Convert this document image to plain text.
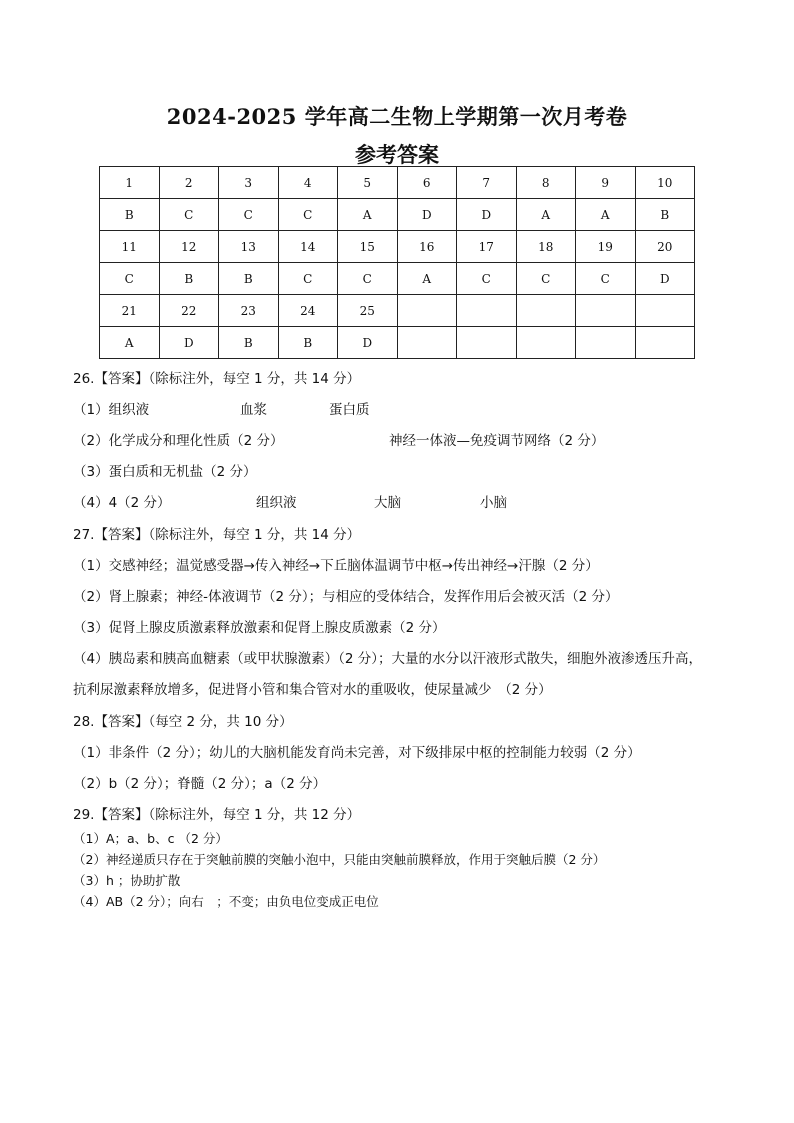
2024-2025 学年高二生物上学期第一次月考卷
参考答案
1	2	3	4	5	6	7	8	9	10
B	C	C	C	A	D	D	A	A	B
11	12	13	14	15	16	17	18	19	20
C	B	B	C	C	A	C	C	C	D
21	22	23	24	25					
A	D	B	B	D					
26.【答案】（除标注外，每空 1 分，共 14 分）
（1）组织液	血浆	蛋白质
（2）化学成分和理化性质（2 分）	神经一体液—免疫调节网络（2 分）
（3）蛋白质和无机盐（2 分）
（4）4（2 分）	组织液	大脑	小脑
27.【答案】（除标注外，每空 1 分，共 14 分）
（1）交感神经；温觉感受器→传入神经→下丘脑体温调节中枢→传出神经→汗腺（2 分）
（2）肾上腺素；神经-体液调节（2 分）；与相应的受体结合，发挥作用后会被灭活（2 分）
（3）促肾上腺皮质激素释放激素和促肾上腺皮质激素（2 分）
（4）胰岛素和胰高血糖素（或甲状腺激素）（2 分）；大量的水分以汗液形式散失，细胞外液渗透压升高，
抗利尿激素释放增多，促进肾小管和集合管对水的重吸收，使尿量减少　（2 分）
28.【答案】（每空 2 分，共 10 分）
（1）非条件（2 分）；幼儿的大脑机能发育尚未完善，对下级排尿中枢的控制能力较弱（2 分）
（2）b（2 分）；脊髓（2 分）；a（2 分）
29.【答案】（除标注外，每空 1 分，共 12 分）
（1）A；a、b、c （2 分）
（2）神经递质只存在于突触前膜的突触小泡中，只能由突触前膜释放，作用于突触后膜（2 分）
（3）h ；协助扩散
（4）AB（2 分）；向右　；不变；由负电位变成正电位
